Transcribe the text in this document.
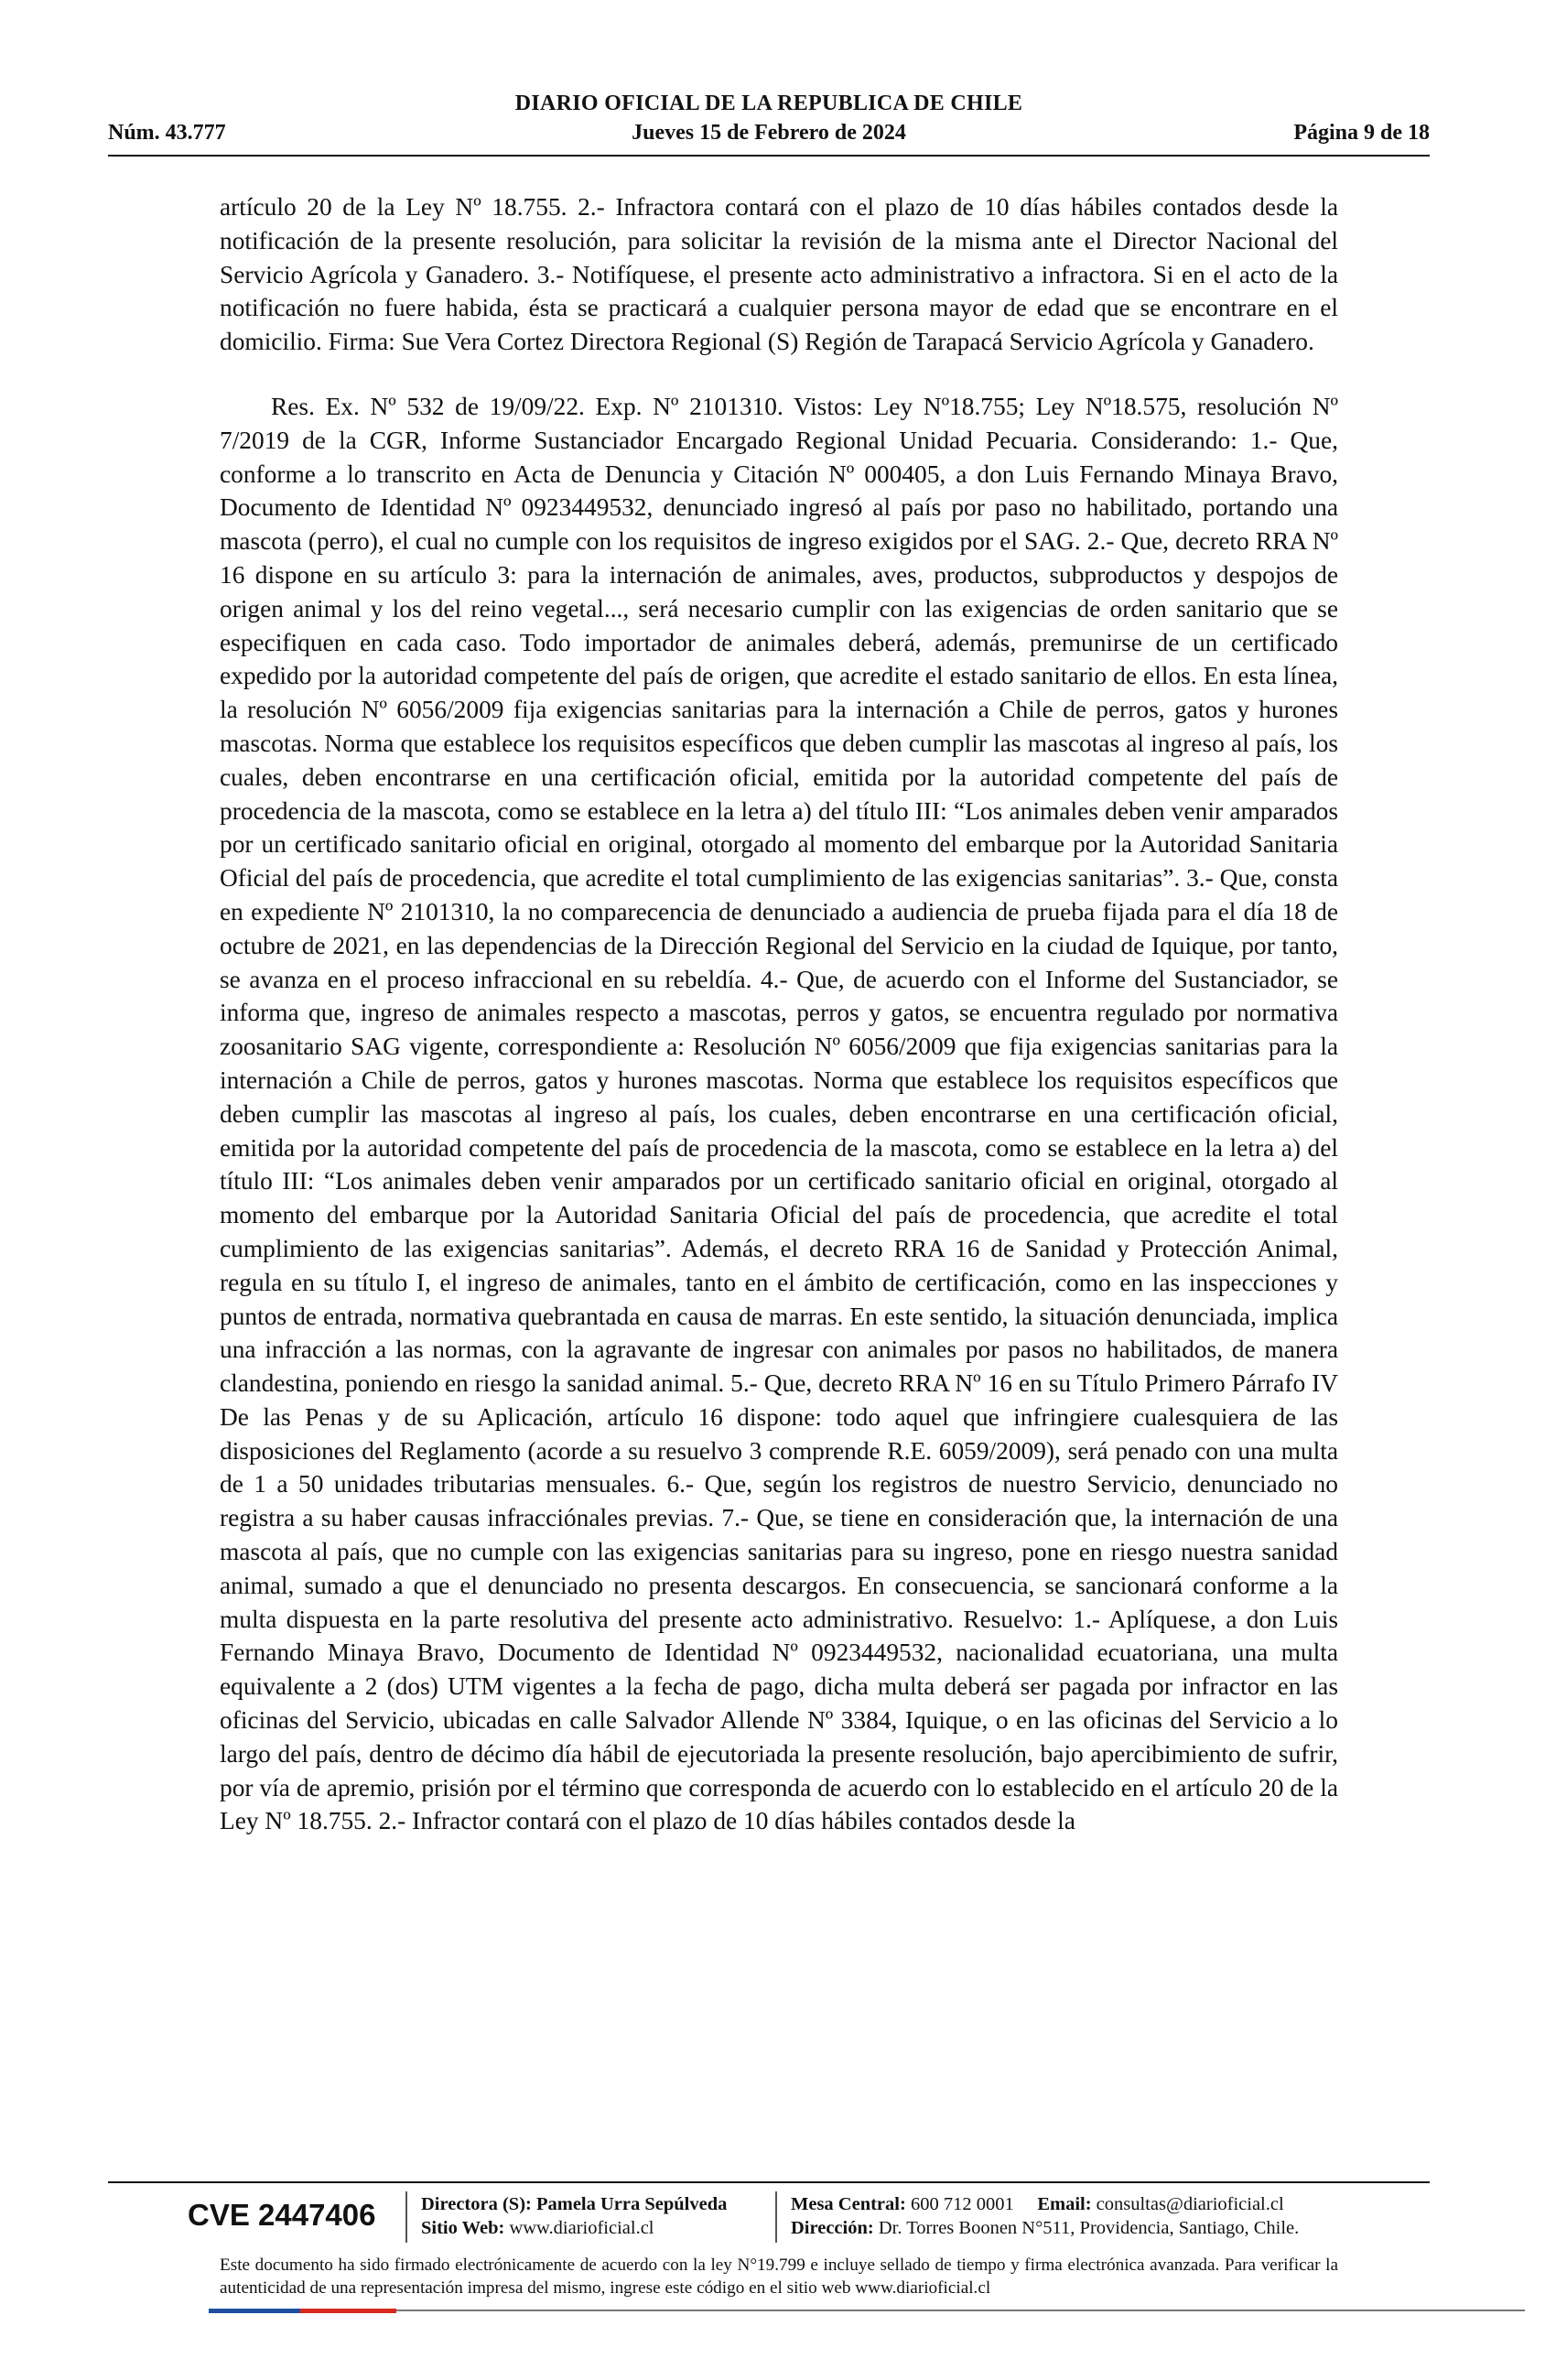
DIARIO OFICIAL DE LA REPUBLICA DE CHILE
Núm. 43.777	Jueves 15 de Febrero de 2024	Página 9 de 18

artículo 20 de la Ley Nº 18.755. 2.- Infractora contará con el plazo de 10 días hábiles contados desde la notificación de la presente resolución, para solicitar la revisión de la misma ante el Director Nacional del Servicio Agrícola y Ganadero. 3.- Notifíquese, el presente acto administrativo a infractora. Si en el acto de la notificación no fuere habida, ésta se practicará a cualquier persona mayor de edad que se encontrare en el domicilio. Firma: Sue Vera Cortez Directora Regional (S) Región de Tarapacá Servicio Agrícola y Ganadero.

Res. Ex. Nº 532 de 19/09/22. Exp. Nº 2101310. Vistos: Ley Nº18.755; Ley Nº18.575, resolución Nº 7/2019 de la CGR, Informe Sustanciador Encargado Regional Unidad Pecuaria. Considerando: 1.- Que, conforme a lo transcrito en Acta de Denuncia y Citación Nº 000405, a don Luis Fernando Minaya Bravo, Documento de Identidad Nº 0923449532, denunciado ingresó al país por paso no habilitado, portando una mascota (perro), el cual no cumple con los requisitos de ingreso exigidos por el SAG. 2.- Que, decreto RRA Nº 16 dispone en su artículo 3: para la internación de animales, aves, productos, subproductos y despojos de origen animal y los del reino vegetal..., será necesario cumplir con las exigencias de orden sanitario que se especifiquen en cada caso. Todo importador de animales deberá, además, premunirse de un certificado expedido por la autoridad competente del país de origen, que acredite el estado sanitario de ellos. En esta línea, la resolución Nº 6056/2009 fija exigencias sanitarias para la internación a Chile de perros, gatos y hurones mascotas. Norma que establece los requisitos específicos que deben cumplir las mascotas al ingreso al país, los cuales, deben encontrarse en una certificación oficial, emitida por la autoridad competente del país de procedencia de la mascota, como se establece en la letra a) del título III: “Los animales deben venir amparados por un certificado sanitario oficial en original, otorgado al momento del embarque por la Autoridad Sanitaria Oficial del país de procedencia, que acredite el total cumplimiento de las exigencias sanitarias”. 3.- Que, consta en expediente Nº 2101310, la no comparecencia de denunciado a audiencia de prueba fijada para el día 18 de octubre de 2021, en las dependencias de la Dirección Regional del Servicio en la ciudad de Iquique, por tanto, se avanza en el proceso infraccional en su rebeldía. 4.- Que, de acuerdo con el Informe del Sustanciador, se informa que, ingreso de animales respecto a mascotas, perros y gatos, se encuentra regulado por normativa zoosanitario SAG vigente, correspondiente a: Resolución Nº 6056/2009 que fija exigencias sanitarias para la internación a Chile de perros, gatos y hurones mascotas. Norma que establece los requisitos específicos que deben cumplir las mascotas al ingreso al país, los cuales, deben encontrarse en una certificación oficial, emitida por la autoridad competente del país de procedencia de la mascota, como se establece en la letra a) del título III: “Los animales deben venir amparados por un certificado sanitario oficial en original, otorgado al momento del embarque por la Autoridad Sanitaria Oficial del país de procedencia, que acredite el total cumplimiento de las exigencias sanitarias”. Además, el decreto RRA 16 de Sanidad y Protección Animal, regula en su título I, el ingreso de animales, tanto en el ámbito de certificación, como en las inspecciones y puntos de entrada, normativa quebrantada en causa de marras. En este sentido, la situación denunciada, implica una infracción a las normas, con la agravante de ingresar con animales por pasos no habilitados, de manera clandestina, poniendo en riesgo la sanidad animal. 5.- Que, decreto RRA Nº 16 en su Título Primero Párrafo IV De las Penas y de su Aplicación, artículo 16 dispone: todo aquel que infringiere cualesquiera de las disposiciones del Reglamento (acorde a su resuelvo 3 comprende R.E. 6059/2009), será penado con una multa de 1 a 50 unidades tributarias mensuales. 6.- Que, según los registros de nuestro Servicio, denunciado no registra a su haber causas infracciónales previas. 7.- Que, se tiene en consideración que, la internación de una mascota al país, que no cumple con las exigencias sanitarias para su ingreso, pone en riesgo nuestra sanidad animal, sumado a que el denunciado no presenta descargos. En consecuencia, se sancionará conforme a la multa dispuesta en la parte resolutiva del presente acto administrativo. Resuelvo: 1.- Aplíquese, a don Luis Fernando Minaya Bravo, Documento de Identidad Nº 0923449532, nacionalidad ecuatoriana, una multa equivalente a 2 (dos) UTM vigentes a la fecha de pago, dicha multa deberá ser pagada por infractor en las oficinas del Servicio, ubicadas en calle Salvador Allende Nº 3384, Iquique, o en las oficinas del Servicio a lo largo del país, dentro de décimo día hábil de ejecutoriada la presente resolución, bajo apercibimiento de sufrir, por vía de apremio, prisión por el término que corresponda de acuerdo con lo establecido en el artículo 20 de la Ley Nº 18.755. 2.- Infractor contará con el plazo de 10 días hábiles contados desde la

CVE 2447406 Directora (S): Pamela Urra Sepúlveda
Sitio Web: www.diarioficial.cl
Mesa Central: 600 712 0001 Email: consultas@diarioficial.cl
Dirección: Dr. Torres Boonen N°511, Providencia, Santiago, Chile.
Este documento ha sido firmado electrónicamente de acuerdo con la ley N°19.799 e incluye sellado de tiempo y firma electrónica avanzada. Para verificar la autenticidad de una representación impresa del mismo, ingrese este código en el sitio web www.diarioficial.cl
